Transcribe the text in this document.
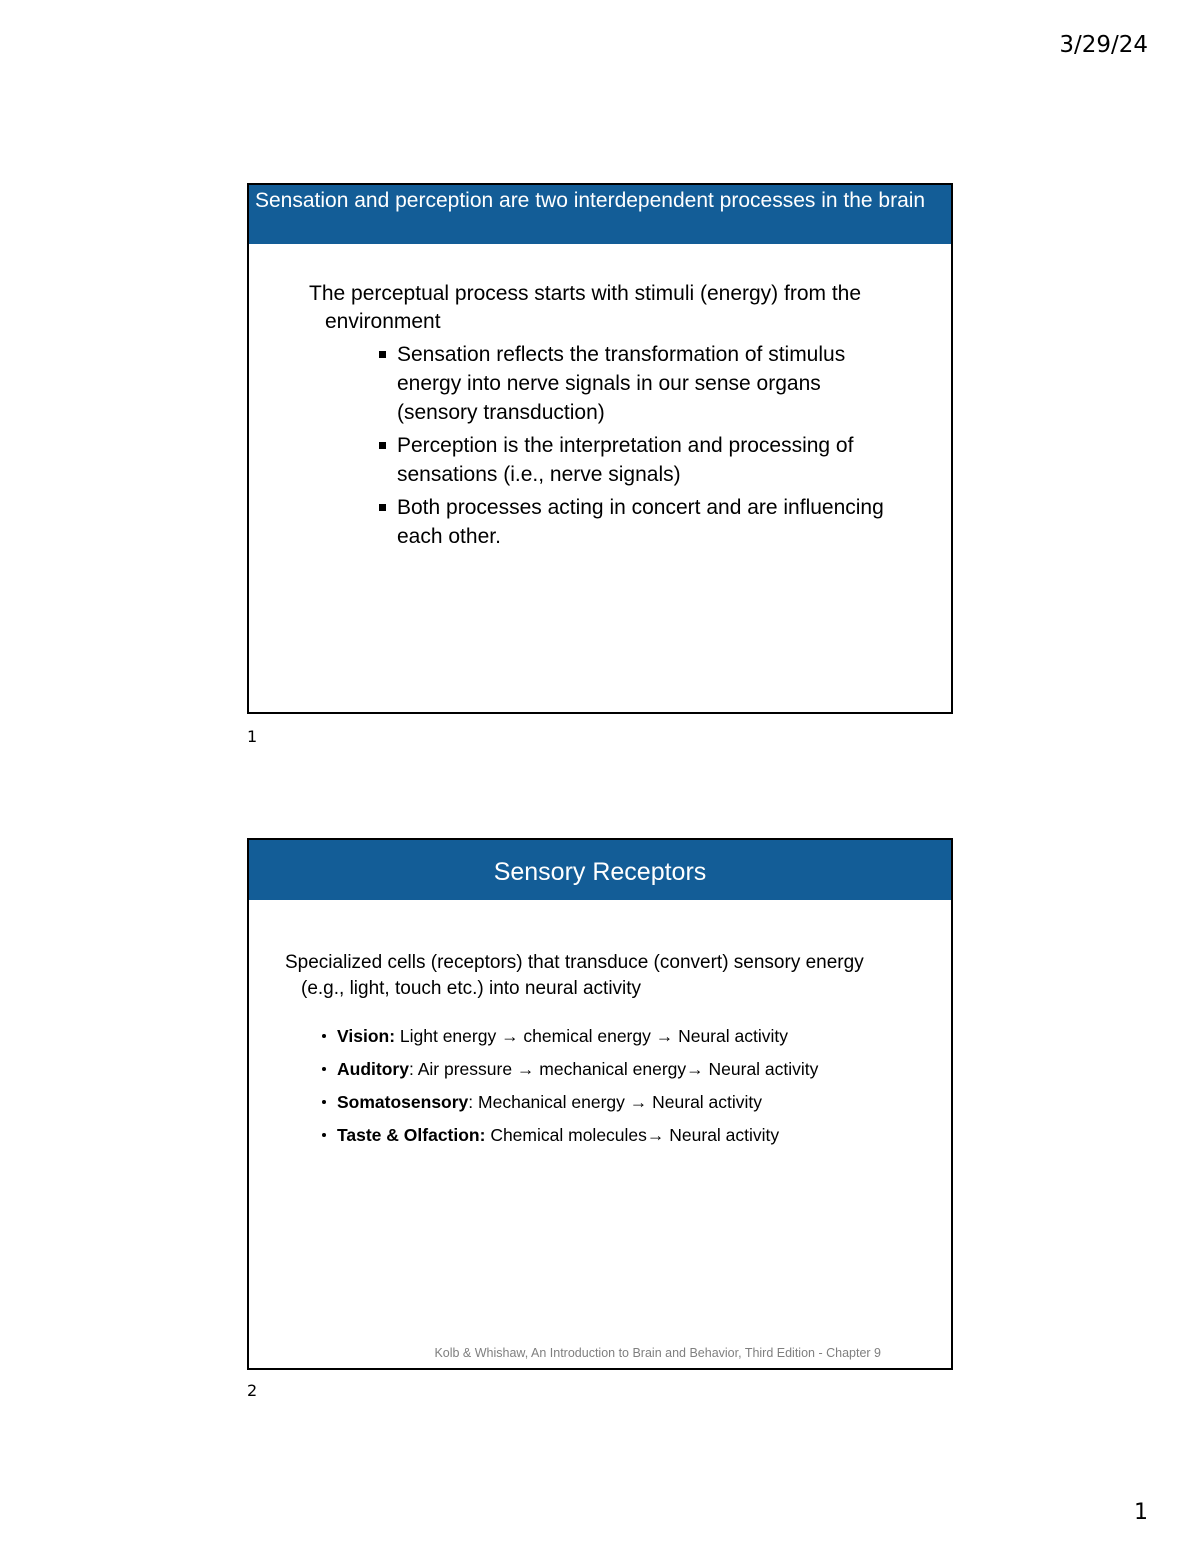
3/29/24
Sensation and perception are two interdependent processes in the brain

The perceptual process starts with stimuli (energy) from the environment

Sensation reflects the transformation of stimulus energy into nerve signals in our sense organs (sensory transduction)
Perception is the interpretation and processing of sensations (i.e., nerve signals)
Both processes acting in concert and are influencing each other.
1
Sensory Receptors

Specialized cells (receptors) that transduce (convert) sensory energy (e.g., light, touch etc.) into neural activity

Vision: Light energy → chemical energy → Neural activity
Auditory: Air pressure → mechanical energy→ Neural activity
Somatosensory: Mechanical energy → Neural activity
Taste & Olfaction: Chemical molecules→ Neural activity
Kolb & Whishaw, An Introduction to Brain and Behavior, Third Edition - Chapter 9
2
1
